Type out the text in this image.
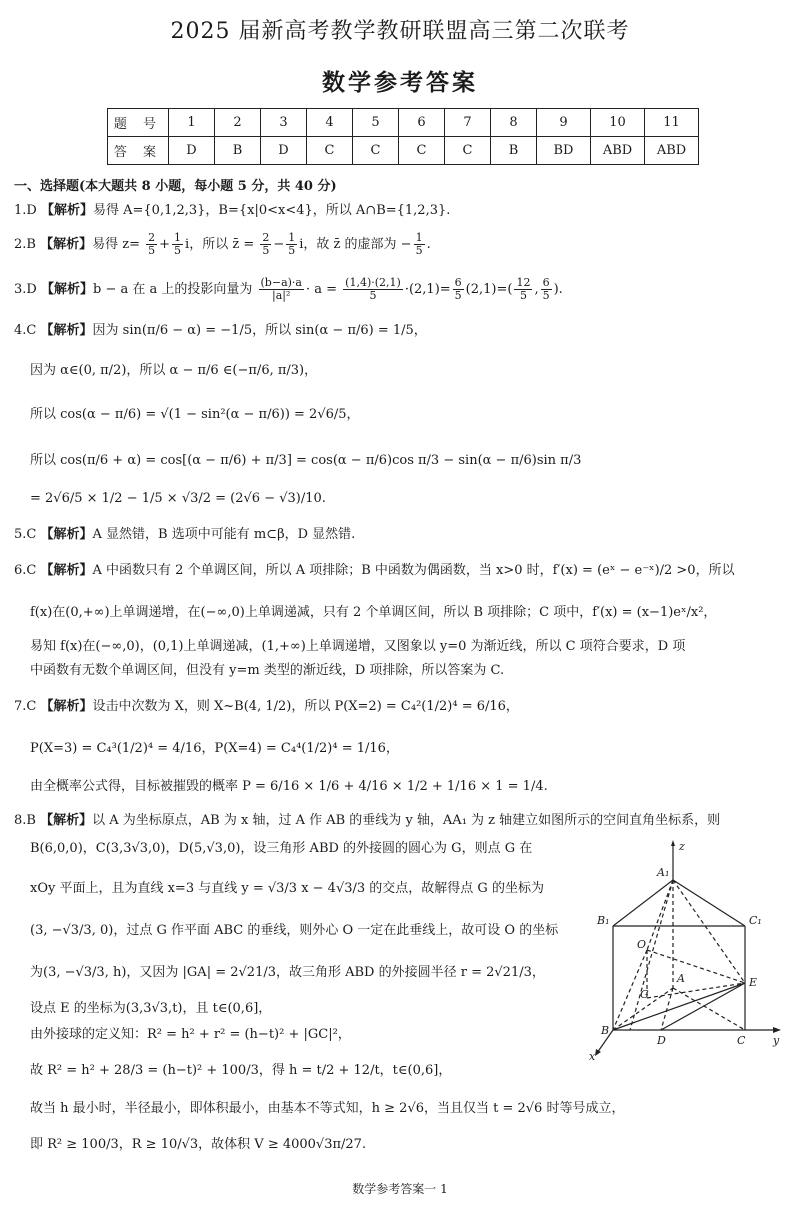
2025 届新高考教学教研联盟高三第二次联考
数学参考答案
题 号	1	2	3	4	5	6	7	8	9	10	11
答 案	D	B	D	C	C	C	C	B	BD	ABD	ABD
一、选择题(本大题共 8 小题，每小题 5 分，共 40 分)
1.D 【解析】易得 A={0,1,2,3}，B={x|0<x<4}，所以 A∩B={1,2,3}.
2.B 【解析】易得 $z= \frac{2}{5} + \frac{1}{5}$ i，所以 z̄ = $\frac{2}{5} - \frac{1}{5}$ i，故 z̄ 的虚部为 − $\frac{1}{5}$ .
3.D 【解析】b − a 在 a 上的投影向量为 $\frac{(b-a)\cdot a}{\text{|a|²}} \cdot a = \frac{(1,4)\cdot(2,1)}{5} \cdot(2,1)= \frac{6}{5} (2,1)=( \frac{12}{5}$ , $\frac{6}{5}$ ).
4.C 【解析】因为 sin(π/6 − α) = −1/5，所以 sin(α − π/6) = 1/5，
因为 α∈(0, π/2)，所以 α − π/6 ∈(−π/6, π/3)，
所以 cos(α − π/6) = √(1 − sin²(α − π/6)) = 2√6/5，
所以 cos(π/6 + α) = cos[(α − π/6) + π/3] = cos(α − π/6)cos π/3 − sin(α − π/6)sin π/3
= 2√6/5 × 1/2 − 1/5 × √3/2 = (2√6 − √3)/10.
5.C 【解析】A 显然错，B 选项中可能有 m⊂β，D 显然错.
6.C 【解析】A 中函数只有 2 个单调区间，所以 A 项排除；B 中函数为偶函数，当 x>0 时，f′(x) = (eˣ − e⁻ˣ)/2 >0，所以
f(x)在(0,+∞)上单调递增，在(−∞,0)上单调递减，只有 2 个单调区间，所以 B 项排除；C 项中，f′(x) = (x−1)eˣ/x²，
易知 f(x)在(−∞,0)，(0,1)上单调递减，(1,+∞)上单调递增，又图象以 y=0 为渐近线，所以 C 项符合要求，D 项
中函数有无数个单调区间，但没有 y=m 类型的渐近线，D 项排除，所以答案为 C.
7.C 【解析】设击中次数为 X，则 X~B(4, 1/2)，所以 P(X=2) = C₄²(1/2)⁴ = 6/16，
P(X=3) = C₄³(1/2)⁴ = 4/16，P(X=4) = C₄⁴(1/2)⁴ = 1/16，
由全概率公式得，目标被摧毁的概率 P = 6/16 × 1/6 + 4/16 × 1/2 + 1/16 × 1 = 1/4.
8.B 【解析】以 A 为坐标原点，AB 为 x 轴，过 A 作 AB 的垂线为 y 轴，AA₁ 为 z 轴建立如图所示的空间直角坐标系，则
B(6,0,0)，C(3,3√3,0)，D(5,√3,0)，设三角形 ABD 的外接圆的圆心为 G，则点 G 在
xOy 平面上，且为直线 x=3 与直线 y = √3/3 x − 4√3/3 的交点，故解得点 G 的坐标为
(3, −√3/3, 0)，过点 G 作平面 ABC 的垂线，则外心 O 一定在此垂线上，故可设 O 的坐标
为(3, −√3/3, h)，又因为 |GA| = 2√21/3，故三角形 ABD 的外接圆半径 r = 2√21/3，
设点 E 的坐标为(3,3√3,t)，且 t∈(0,6]，
由外接球的定义知：R² = h² + r² = (h−t)² + |GC|²，
故 R² = h² + 28/3 = (h−t)² + 100/3，得 h = t/2 + 12/t，t∈(0,6]，
故当 h 最小时，半径最小，即体积最小，由基本不等式知，h ≥ 2√6，当且仅当 t = 2√6 时等号成立，
即 R² ≥ 100/3，R ≥ 10/√3，故体积 V ≥ 4000√3π/27.
z
A₁
B₁	C₁
O
A
G
E
B
D	C
x
y
数学参考答案一 1
